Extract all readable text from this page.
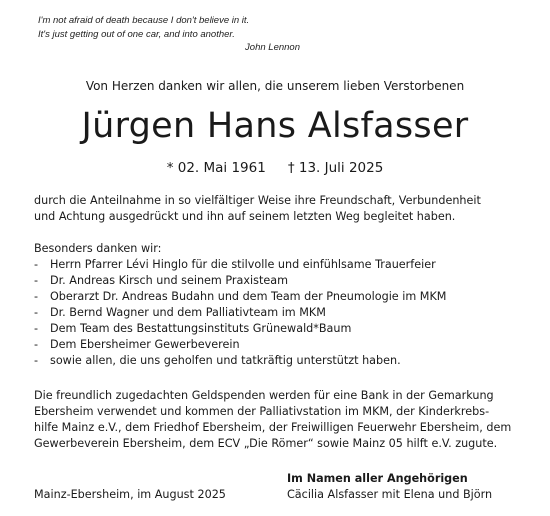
I'm not afraid of death because I don't believe in it.
It's just getting out of one car, and into another.
John Lennon
Von Herzen danken wir allen, die unserem lieben Verstorbenen
Jürgen Hans Alsfasser
* 02. Mai 1961 † 13. Juli 2025
durch die Anteilnahme in so vielfältiger Weise ihre Freundschaft, Verbundenheit
und Achtung ausgedrückt und ihn auf seinem letzten Weg begleitet haben.
Besonders danken wir:
- Herrn Pfarrer Lévi Hinglo für die stilvolle und einfühlsame Trauerfeier
- Dr. Andreas Kirsch und seinem Praxisteam
- Oberarzt Dr. Andreas Budahn und dem Team der Pneumologie im MKM
- Dr. Bernd Wagner und dem Palliativteam im MKM
- Dem Team des Bestattungsinstituts Grünewald*Baum
- Dem Ebersheimer Gewerbeverein
- sowie allen, die uns geholfen und tatkräftig unterstützt haben.
Die freundlich zugedachten Geldspenden werden für eine Bank in der Gemarkung
Ebersheim verwendet und kommen der Palliativstation im MKM, der Kinderkrebs-
hilfe Mainz e.V., dem Friedhof Ebersheim, der Freiwilligen Feuerwehr Ebersheim, dem
Gewerbeverein Ebersheim, dem ECV „Die Römer“ sowie Mainz 05 hilft e.V. zugute.
Mainz-Ebersheim, im August 2025
Im Namen aller Angehörigen
Cäcilia Alsfasser mit Elena und Björn
